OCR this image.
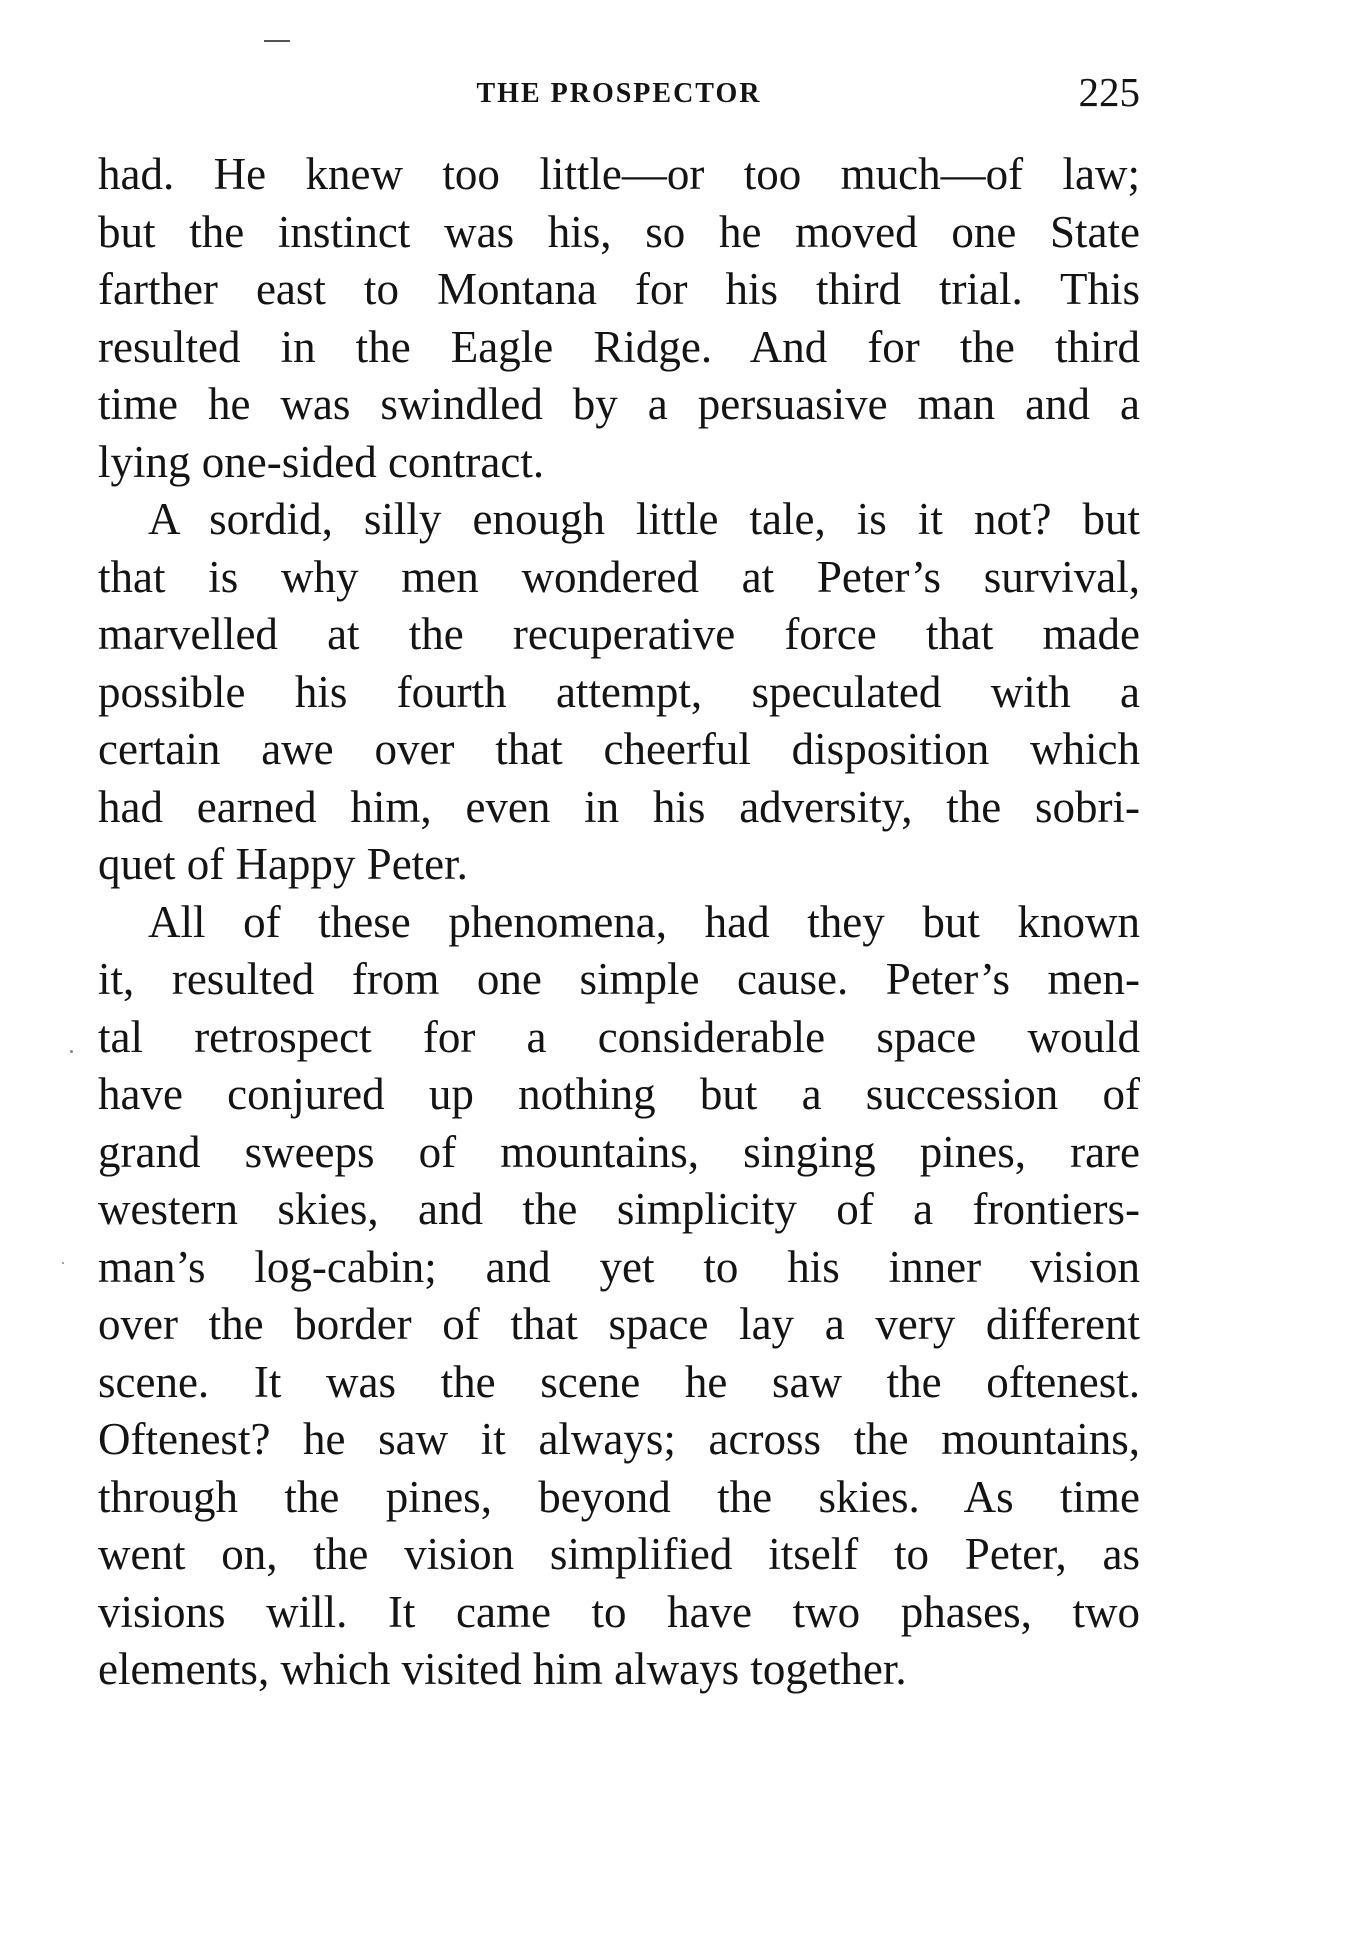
THE PROSPECTOR	225

had. He knew too little—or too much—of law;
but the instinct was his, so he moved one State
farther east to Montana for his third trial. This
resulted in the Eagle Ridge. And for the third
time he was swindled by a persuasive man and a
lying one-sided contract.

A sordid, silly enough little tale, is it not? but
that is why men wondered at Peter’s survival,
marvelled at the recuperative force that made
possible his fourth attempt, speculated with a
certain awe over that cheerful disposition which
had earned him, even in his adversity, the sobri-
quet of Happy Peter.

All of these phenomena, had they but known
it, resulted from one simple cause. Peter’s men-
tal retrospect for a considerable space would
have conjured up nothing but a succession of
grand sweeps of mountains, singing pines, rare
western skies, and the simplicity of a frontiers-
man’s log-cabin; and yet to his inner vision
over the border of that space lay a very different
scene. It was the scene he saw the oftenest.
Oftenest? he saw it always; across the mountains,
through the pines, beyond the skies. As time
went on, the vision simplified itself to Peter, as
visions will. It came to have two phases, two
elements, which visited him always together.
